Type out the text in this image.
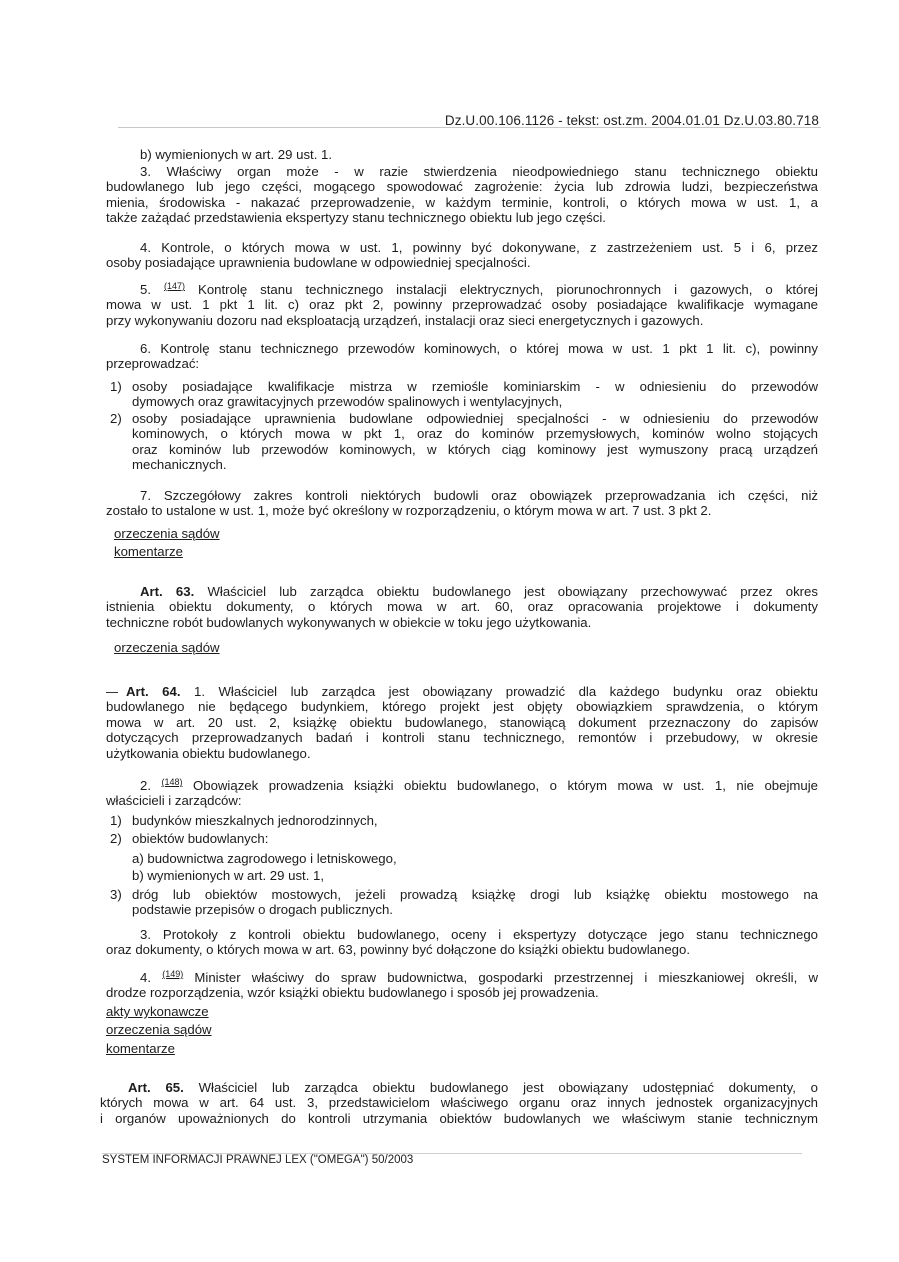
Dz.U.00.106.1126 - tekst: ost.zm. 2004.01.01 Dz.U.03.80.718
b) wymienionych w art. 29 ust. 1.
3. Właściwy organ może - w razie stwierdzenia nieodpowiedniego stanu technicznego obiektu
budowlanego lub jego części, mogącego spowodować zagrożenie: życia lub zdrowia ludzi, bezpieczeństwa
mienia, środowiska - nakazać przeprowadzenie, w każdym terminie, kontroli, o których mowa w ust. 1, a
także zażądać przedstawienia ekspertyzy stanu technicznego obiektu lub jego części.
4. Kontrole, o których mowa w ust. 1, powinny być dokonywane, z zastrzeżeniem ust. 5 i 6, przez
osoby posiadające uprawnienia budowlane w odpowiedniej specjalności.
5. $^{(147)}$ Kontrolę stanu technicznego instalacji elektrycznych, piorunochronnych i gazowych, o której
mowa w ust. 1 pkt 1 lit. c) oraz pkt 2, powinny przeprowadzać osoby posiadające kwalifikacje wymagane
przy wykonywaniu dozoru nad eksploatacją urządzeń, instalacji oraz sieci energetycznych i gazowych.
6. Kontrolę stanu technicznego przewodów kominowych, o której mowa w ust. 1 pkt 1 lit. c), powinny
przeprowadzać:
1) osoby posiadające kwalifikacje mistrza w rzemiośle kominiarskim - w odniesieniu do przewodów
dymowych oraz grawitacyjnych przewodów spalinowych i wentylacyjnych,
2) osoby posiadające uprawnienia budowlane odpowiedniej specjalności - w odniesieniu do przewodów
kominowych, o których mowa w pkt 1, oraz do kominów przemysłowych, kominów wolno stojących
oraz kominów lub przewodów kominowych, w których ciąg kominowy jest wymuszony pracą urządzeń
mechanicznych.
7. Szczegółowy zakres kontroli niektórych budowli oraz obowiązek przeprowadzania ich części, niż
zostało to ustalone w ust. 1, może być określony w rozporządzeniu, o którym mowa w art. 7 ust. 3 pkt 2.
orzeczenia sądów
komentarze
Art. 63. Właściciel lub zarządca obiektu budowlanego jest obowiązany przechowywać przez okres
istnienia obiektu dokumenty, o których mowa w art. 60, oraz opracowania projektowe i dokumenty
techniczne robót budowlanych wykonywanych w obiekcie w toku jego użytkowania.
orzeczenia sądów
Art. 64. 1. Właściciel lub zarządca jest obowiązany prowadzić dla każdego budynku oraz obiektu
budowlanego nie będącego budynkiem, którego projekt jest objęty obowiązkiem sprawdzenia, o którym
mowa w art. 20 ust. 2, książkę obiektu budowlanego, stanowiącą dokument przeznaczony do zapisów
dotyczących przeprowadzanych badań i kontroli stanu technicznego, remontów i przebudowy, w okresie
użytkowania obiektu budowlanego.
2. $^{(148)}$ Obowiązek prowadzenia książki obiektu budowlanego, o którym mowa w ust. 1, nie obejmuje
właścicieli i zarządców:
1) budynków mieszkalnych jednorodzinnych,
2) obiektów budowlanych:
a) budownictwa zagrodowego i letniskowego,
b) wymienionych w art. 29 ust. 1,
3) dróg lub obiektów mostowych, jeżeli prowadzą książkę drogi lub książkę obiektu mostowego na
podstawie przepisów o drogach publicznych.
3. Protokoły z kontroli obiektu budowlanego, oceny i ekspertyzy dotyczące jego stanu technicznego
oraz dokumenty, o których mowa w art. 63, powinny być dołączone do książki obiektu budowlanego.
4. $^{(149)}$ Minister właściwy do spraw budownictwa, gospodarki przestrzennej i mieszkaniowej określi, w
drodze rozporządzenia, wzór książki obiektu budowlanego i sposób jej prowadzenia.
akty wykonawcze
orzeczenia sądów
komentarze
Art. 65. Właściciel lub zarządca obiektu budowlanego jest obowiązany udostępniać dokumenty, o
których mowa w art. 64 ust. 3, przedstawicielom właściwego organu oraz innych jednostek organizacyjnych
i organów upoważnionych do kontroli utrzymania obiektów budowlanych we właściwym stanie technicznym
SYSTEM INFORMACJI PRAWNEJ LEX ("OMEGA") 50/2003
